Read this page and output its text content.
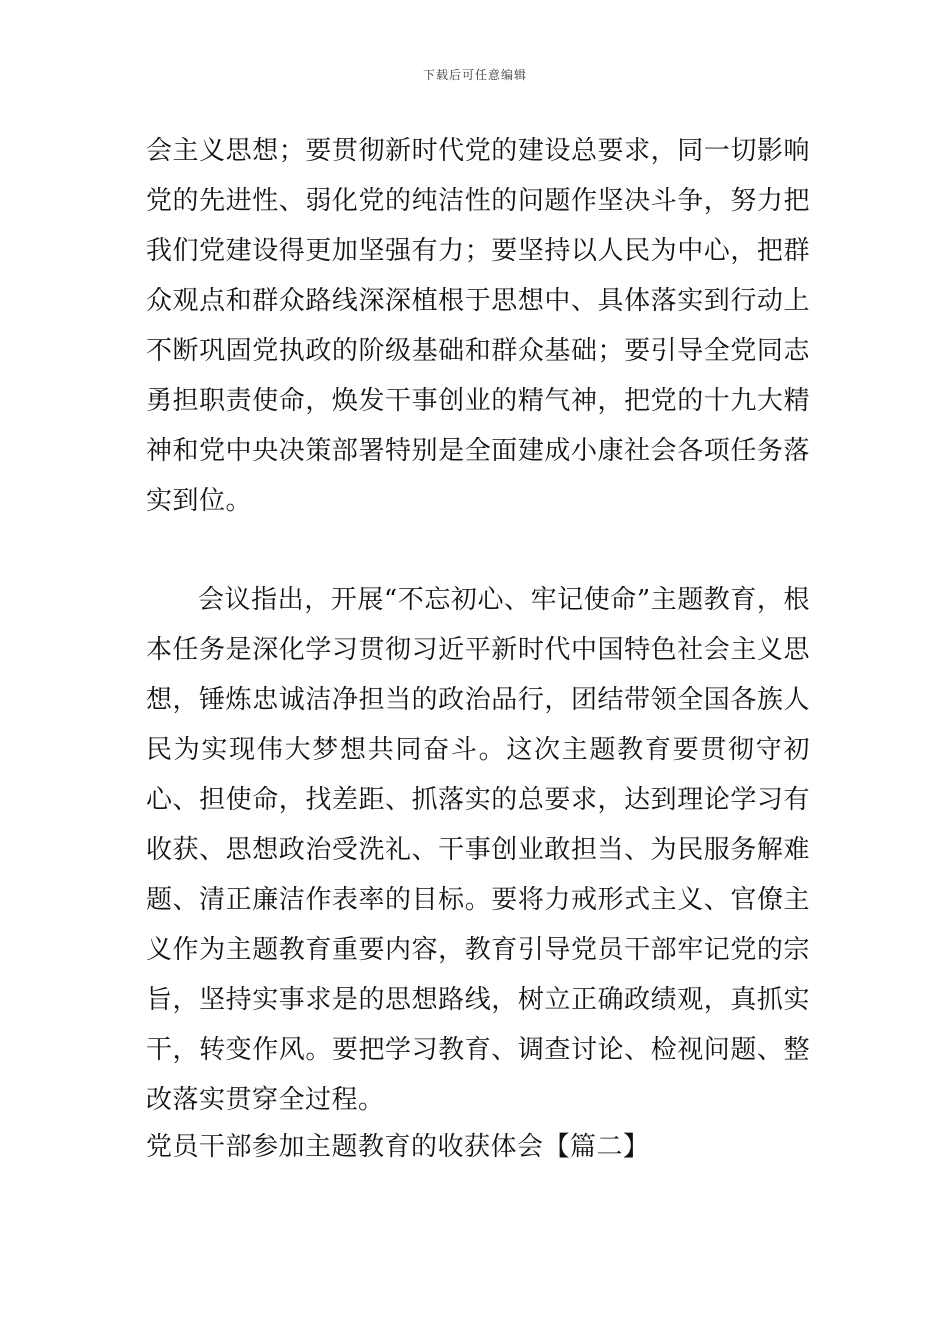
下载后可任意编辑

会主义思想；要贯彻新时代党的建设总要求，同一切影响党的先进性、弱化党的纯洁性的问题作坚决斗争，努力把我们党建设得更加坚强有力；要坚持以人民为中心，把群众观点和群众路线深深植根于思想中、具体落实到行动上不断巩固党执政的阶级基础和群众基础；要引导全党同志勇担职责使命，焕发干事创业的精气神，把党的十九大精神和党中央决策部署特别是全面建成小康社会各项任务落实到位。

会议指出，开展“不忘初心、牢记使命”主题教育，根本任务是深化学习贯彻习近平新时代中国特色社会主义思想，锤炼忠诚洁净担当的政治品行，团结带领全国各族人民为实现伟大梦想共同奋斗。这次主题教育要贯彻守初心、担使命，找差距、抓落实的总要求，达到理论学习有收获、思想政治受洗礼、干事创业敢担当、为民服务解难题、清正廉洁作表率的目标。要将力戒形式主义、官僚主义作为主题教育重要内容，教育引导党员干部牢记党的宗旨，坚持实事求是的思想路线，树立正确政绩观，真抓实干，转变作风。要把学习教育、调查讨论、检视问题、整改落实贯穿全过程。

党员干部参加主题教育的收获体会【篇二】
